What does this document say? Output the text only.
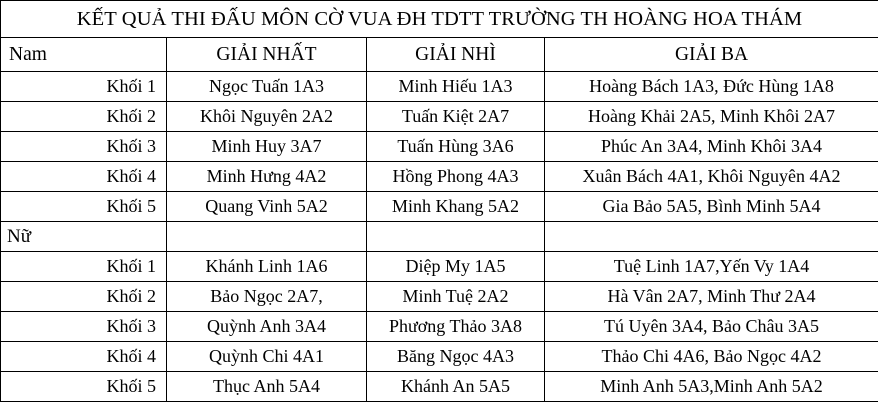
KẾT QUẢ THI ĐẤU MÔN CỜ VUA ĐH TDTT TRƯỜNG TH HOÀNG HOA THÁM			
Nam	GIẢI NHẤT	GIẢI NHÌ	GIẢI BA
Khối 1	Ngọc Tuấn 1A3	Minh Hiếu 1A3	Hoàng Bách 1A3, Đức Hùng 1A8
Khối 2	Khôi Nguyên 2A2	Tuấn Kiệt 2A7	Hoàng Khải 2A5, Minh Khôi 2A7
Khối 3	Minh Huy 3A7	Tuấn Hùng 3A6	Phúc An 3A4, Minh Khôi 3A4
Khối 4	Minh Hưng 4A2	Hồng Phong 4A3	Xuân Bách 4A1, Khôi Nguyên 4A2
Khối 5	Quang Vinh 5A2	Minh Khang 5A2	Gia Bảo 5A5, Bình Minh 5A4
Nữ			
Khối 1	Khánh Linh 1A6	Diệp My 1A5	Tuệ Linh 1A7,Yến Vy 1A4
Khối 2	Bảo Ngọc 2A7,	Minh Tuệ 2A2	Hà Vân 2A7, Minh Thư 2A4
Khối 3	Quỳnh Anh 3A4	Phương Thảo 3A8	Tú Uyên 3A4, Bảo Châu 3A5
Khối 4	Quỳnh Chi 4A1	Băng Ngọc 4A3	Thảo Chi 4A6, Bảo Ngọc 4A2
Khối 5	Thục Anh 5A4	Khánh An 5A5	Minh Anh 5A3,Minh Anh 5A2
